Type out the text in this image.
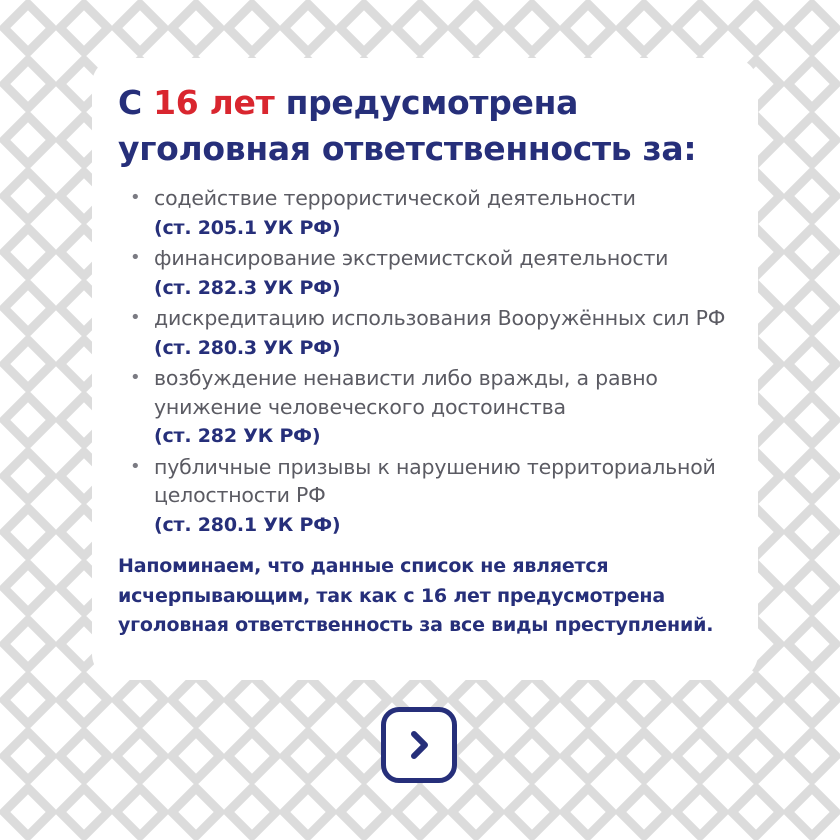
С 16 лет предусмотрена уголовная ответственность за:
• содействие террористической деятельности
(ст. 205.1 УК РФ)
• финансирование экстремистской деятельности
(ст. 282.3 УК РФ)
• дискредитацию использования Вооружённых сил РФ (ст. 280.3 УК РФ)
• возбуждение ненависти либо вражды, а равно унижение человеческого достоинства
(ст. 282 УК РФ)
• публичные призывы к нарушению территориальной целостности РФ
(ст. 280.1 УК РФ)

Напоминаем, что данные список не является исчерпывающим, так как с 16 лет предусмотрена уголовная ответственность за все виды преступлений.
